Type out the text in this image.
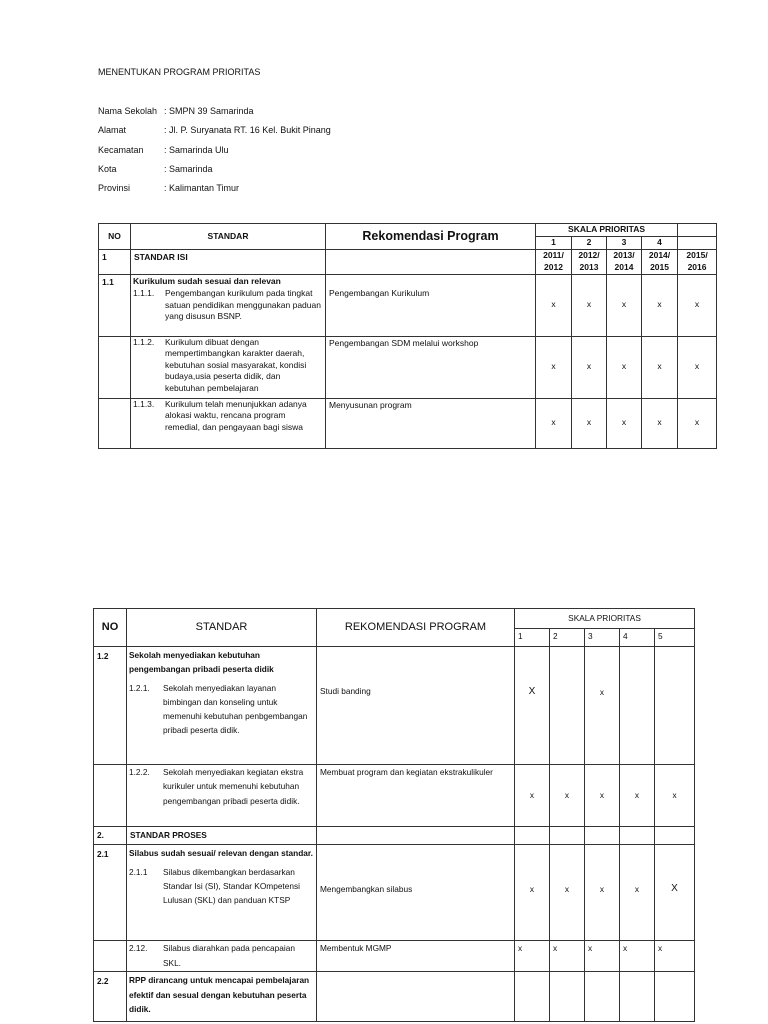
MENENTUKAN PROGRAM PRIORITAS
Nama Sekolah : SMPN 39 Samarinda
Alamat	: Jl. P. Suryanata RT. 16 Kel. Bukit Pinang
Kecamatan	: Samarinda Ulu
Kota	: Samarinda
Provinsi	: Kalimantan Timur
NO	STANDAR	Rekomendasi Program	SKALA PRIORITAS				
			1	2	3	4	
1	STANDAR ISI		2011/ 2012	2012/ 2013	2013/ 2014	2014/ 2015	2015/ 2016
1.1	Kurikulum sudah sesuai dan relevan
1.1.1. Pengembangan kurikulum pada tingkat satuan pendidikan menggunakan paduan yang disusun BSNP.	Pengembangan Kurikulum	x	x	x	x	x

	1.1.2. Kurikulum dibuat dengan mempertimbangkan karakter daerah, kebutuhan sosial masyarakat, kondisi budaya,usia peserta didik, dan kebutuhan pembelajaran	Pengembangan SDM melalui workshop	x	x	x	x	x

	1.1.3. Kurikulum telah menunjukkan adanya alokasi waktu, rencana program remedial, dan pengayaan bagi siswa	Menyusunan program	x	x	x	x	x
NO	STANDAR	REKOMENDASI PROGRAM	SKALA PRIORITAS				
			1	2	3	4	5
1.2	Sekolah menyediakan kebutuhan pengembangan pribadi peserta didik
1.2.1. Sekolah menyediakan layanan bimbingan dan konseling untuk memenuhi kebutuhan penbgembangan pribadi peserta didik.	Studi banding	X		x		

	1.2.2. Sekolah menyediakan kegiatan ekstra kurikuler untuk memenuhi kebutuhan pengembangan pribadi peserta didik.	Membuat program dan kegiatan ekstrakulikuler	x	x	x	x	x
2.	STANDAR PROSES						
2.1	Silabus sudah sesuai/ relevan dengan standar.
2.1.1 Silabus dikembangkan berdasarkan Standar Isi (SI), Standar KOmpetensi Lulusan (SKL) dan panduan KTSP	Mengembangkan silabus	x	x	x	x	X

	2.12. Silabus diarahkan pada pencapaian SKL.	Membentuk MGMP	x	x	x	x	x
2.2	RPP dirancang untuk mencapai pembelajaran efektif dan sesual dengan kebutuhan peserta didik.						
